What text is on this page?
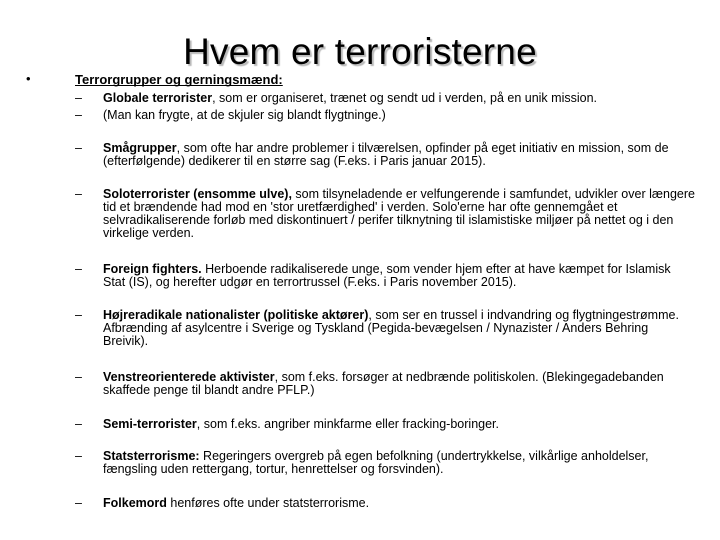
Hvem er terroristerne
•	Terrorgrupper og gerningsmænd:
–	Globale terrorister, som er organiseret, trænet og sendt ud i verden, på en unik mission.
–	(Man kan frygte, at de skjuler sig blandt flygtninge.)
–	Smågrupper, som ofte har andre problemer i tilværelsen, opfinder på eget initiativ en mission, som de (efterfølgende) dedikerer til en større sag (F.eks. i Paris januar 2015).
–	Soloterrorister (ensomme ulve), som tilsyneladende er velfungerende i samfundet, udvikler over længere tid et brændende had mod en 'stor uretfærdighed' i verden. Solo'erne har ofte gennemgået et selvradikaliserende forløb med diskontinuert / perifer tilknytning til islamistiske miljøer på nettet og i den virkelige verden.
–	Foreign fighters. Herboende radikaliserede unge, som vender hjem efter at have kæmpet for Islamisk Stat (IS), og herefter udgør en terrortrussel (F.eks. i Paris november 2015).
–	Højreradikale nationalister (politiske aktører), som ser en trussel i indvandring og flygtningestrømme. Afbrænding af asylcentre i Sverige og Tyskland (Pegida-bevægelsen / Nynazister / Anders Behring Breivik).
–	Venstreorienterede aktivister, som f.eks. forsøger at nedbrænde politiskolen. (Blekingegadebanden skaffede penge til blandt andre PFLP.)
–	Semi-terrorister, som f.eks. angriber minkfarme eller fracking-boringer.
–	Statsterrorisme: Regeringers overgreb på egen befolkning (undertrykkelse, vilkårlige anholdelser, fængsling uden rettergang, tortur, henrettelser og forsvinden).
–	Folkemord henføres ofte under statsterrorisme.
